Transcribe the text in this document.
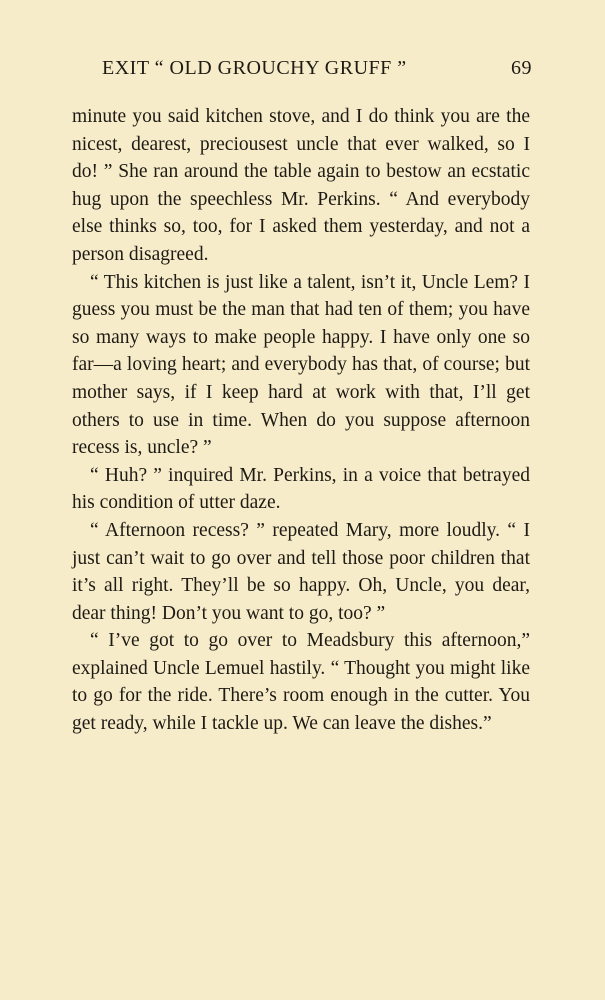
EXIT “ OLD GROUCHY GRUFF ”	69

minute you said kitchen stove, and I do think you are the nicest, dearest, preciousest uncle that ever walked, so I do! ” She ran around the table again to bestow an ecstatic hug upon the speechless Mr. Perkins. “ And everybody else thinks so, too, for I asked them yesterday, and not a person disagreed.

“ This kitchen is just like a talent, isn’t it, Uncle Lem? I guess you must be the man that had ten of them; you have so many ways to make people happy. I have only one so far—a loving heart; and everybody has that, of course; but mother says, if I keep hard at work with that, I’ll get others to use in time. When do you suppose afternoon recess is, uncle? ”

“ Huh? ” inquired Mr. Perkins, in a voice that betrayed his condition of utter daze.

“ Afternoon recess? ” repeated Mary, more loudly. “ I just can’t wait to go over and tell those poor children that it’s all right. They’ll be so happy. Oh, Uncle, you dear, dear thing! Don’t you want to go, too? ”

“ I’ve got to go over to Meadsbury this afternoon,” explained Uncle Lemuel hastily. “ Thought you might like to go for the ride. There’s room enough in the cutter. You get ready, while I tackle up. We can leave the dishes.”
